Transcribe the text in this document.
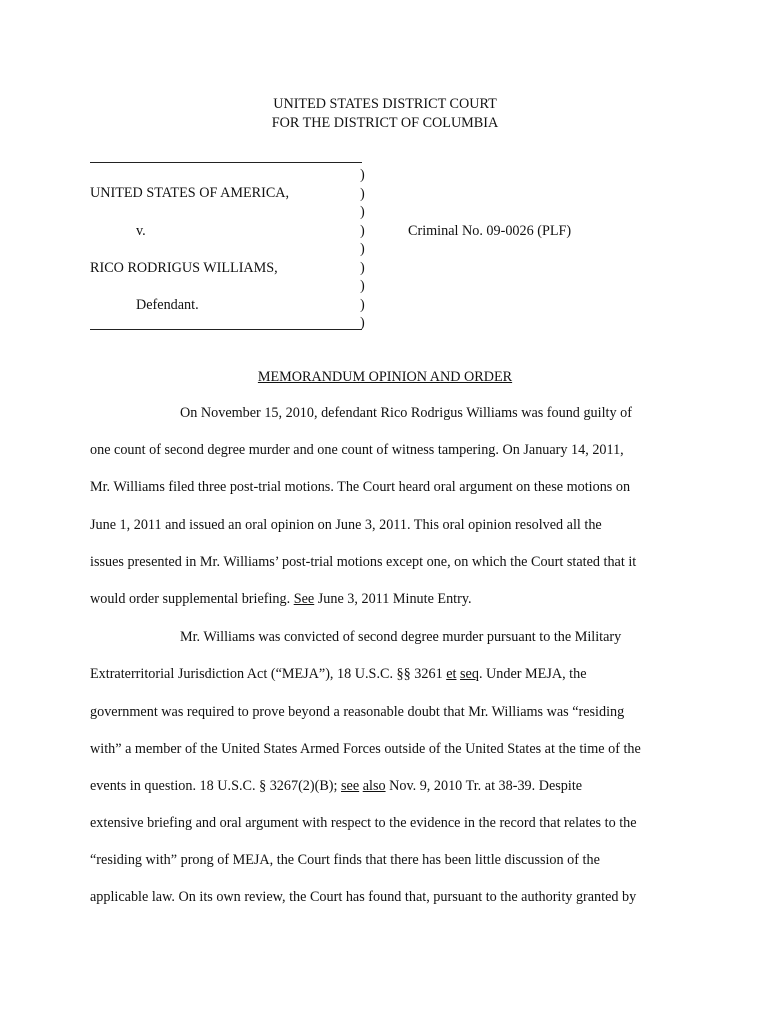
UNITED STATES DISTRICT COURT
FOR THE DISTRICT OF COLUMBIA
)
)
)
)
)
)
)
)
)
UNITED STATES OF AMERICA,
v.	Criminal No. 09-0026 (PLF)
RICO RODRIGUS WILLIAMS,
Defendant.
MEMORANDUM OPINION AND ORDER
On November 15, 2010, defendant Rico Rodrigus Williams was found guilty of
one count of second degree murder and one count of witness tampering. On January 14, 2011,
Mr. Williams filed three post-trial motions. The Court heard oral argument on these motions on
June 1, 2011 and issued an oral opinion on June 3, 2011. This oral opinion resolved all the
issues presented in Mr. Williams’ post-trial motions except one, on which the Court stated that it
would order supplemental briefing. See June 3, 2011 Minute Entry.
Mr. Williams was convicted of second degree murder pursuant to the Military
Extraterritorial Jurisdiction Act (“MEJA”), 18 U.S.C. §§ 3261 et seq. Under MEJA, the
government was required to prove beyond a reasonable doubt that Mr. Williams was “residing
with” a member of the United States Armed Forces outside of the United States at the time of the
events in question. 18 U.S.C. § 3267(2)(B); see also Nov. 9, 2010 Tr. at 38-39. Despite
extensive briefing and oral argument with respect to the evidence in the record that relates to the
“residing with” prong of MEJA, the Court finds that there has been little discussion of the
applicable law. On its own review, the Court has found that, pursuant to the authority granted by
